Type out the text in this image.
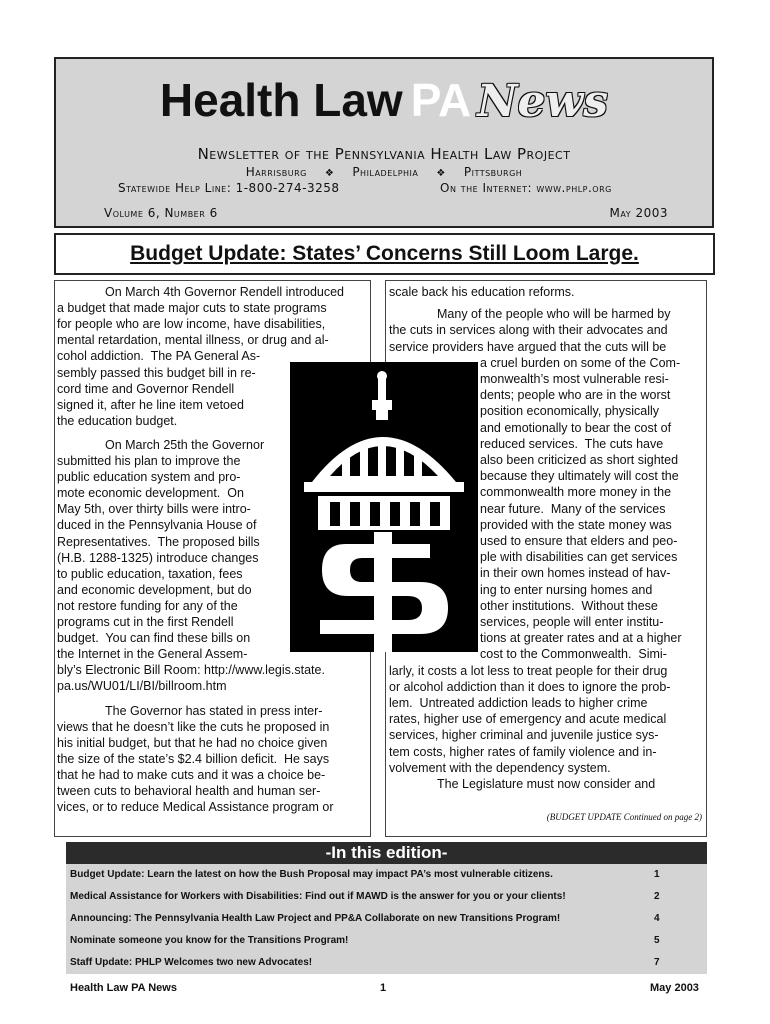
Health Law PA News
Newsletter of the Pennsylvania Health Law Project
Harrisburg ❖ Philadelphia ❖ Pittsburgh
Statewide Help Line: 1-800-274-3258	On the Internet: www.phlp.org
Volume 6, Number 6	May 2003
Budget Update: States’ Concerns Still Loom Large.
On March 4th Governor Rendell introduced
a budget that made major cuts to state programs
for people who are low income, have disabilities,
mental retardation, mental illness, or drug and al-
cohol addiction.  The PA General As-
sembly passed this budget bill in re-
cord time and Governor Rendell
signed it, after he line item vetoed
the education budget.
On March 25th the Governor
submitted his plan to improve the
public education system and pro-
mote economic development.  On
May 5th, over thirty bills were intro-
duced in the Pennsylvania House of
Representatives.  The proposed bills
(H.B. 1288-1325) introduce changes
to public education, taxation, fees
and economic development, but do
not restore funding for any of the
programs cut in the first Rendell
budget.  You can find these bills on
the Internet in the General Assem-
bly’s Electronic Bill Room: http://www.legis.state.
pa.us/WU01/LI/BI/billroom.htm
The Governor has stated in press inter-
views that he doesn’t like the cuts he proposed in
his initial budget, but that he had no choice given
the size of the state’s $2.4 billion deficit.  He says
that he had to make cuts and it was a choice be-
tween cuts to behavioral health and human ser-
vices, or to reduce Medical Assistance program or
(BUDGET UPDATE Continued on page 2)
scale back his education reforms.
Many of the people who will be harmed by
the cuts in services along with their advocates and
service providers have argued that the cuts will be
a cruel burden on some of the Com-
monwealth’s most vulnerable resi-
dents; people who are in the worst
position economically, physically
and emotionally to bear the cost of
reduced services.  The cuts have
also been criticized as short sighted
because they ultimately will cost the
commonwealth more money in the
near future.  Many of the services
provided with the state money was
used to ensure that elders and peo-
ple with disabilities can get services
in their own homes instead of hav-
ing to enter nursing homes and
other institutions.  Without these
services, people will enter institu-
tions at greater rates and at a higher
cost to the Commonwealth.  Simi-
larly, it costs a lot less to treat people for their drug
or alcohol addiction than it does to ignore the prob-
lem.  Untreated addiction leads to higher crime
rates, higher use of emergency and acute medical
services, higher criminal and juvenile justice sys-
tem costs, higher rates of family violence and in-
volvement with the dependency system.
The Legislature must now consider and
-In this edition-
Budget Update: Learn the latest on how the Bush Proposal may impact PA’s most vulnerable citizens.	1
Medical Assistance for Workers with Disabilities: Find out if MAWD is the answer for you or your clients!	2
Announcing: The Pennsylvania Health Law Project and PP&A Collaborate on new Transitions Program!	4
Nominate someone you know for the Transitions Program!	5
Staff Update: PHLP Welcomes two new Advocates!	7
Health Law PA News	1	May 2003
